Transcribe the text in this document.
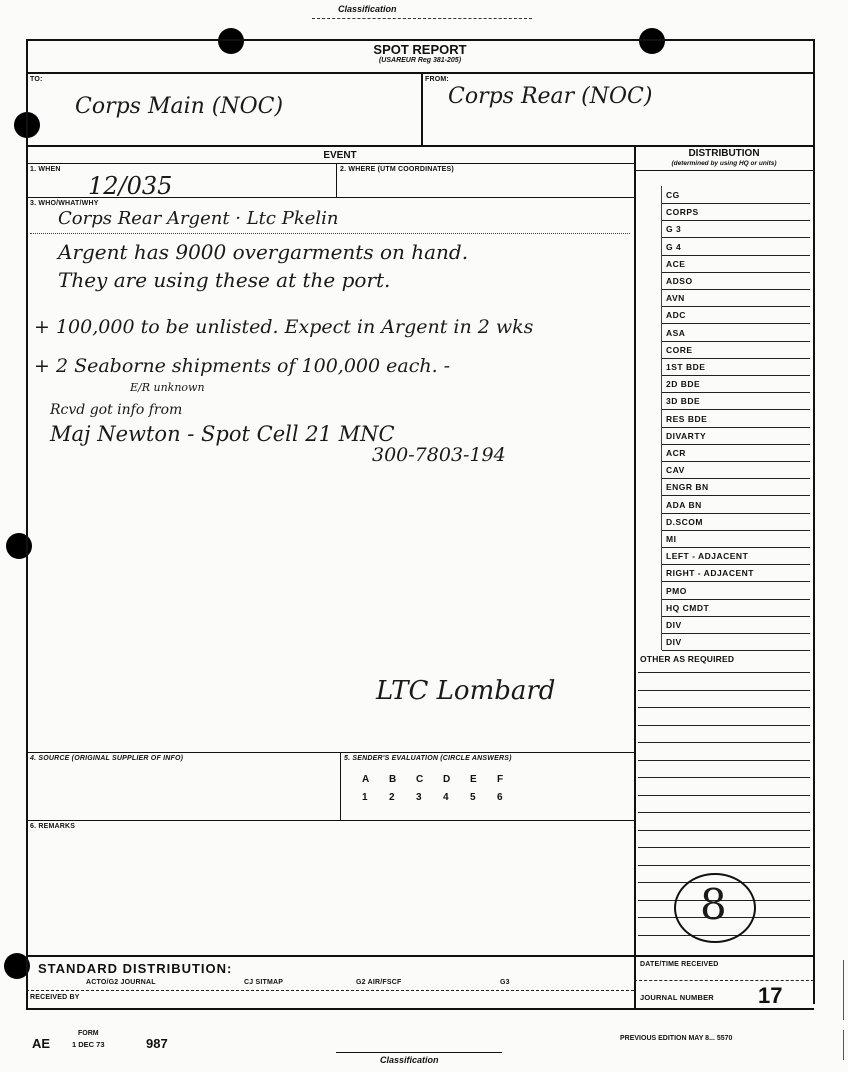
Classification
SPOT REPORT
(USAREUR Reg 381-205)
TO:
Corps Main (NOC)
FROM:
Corps Rear (NOC)
EVENT
1. WHEN
12/035
2. WHERE (UTM COORDINATES)
3. WHO/WHAT/WHY
Corps Rear Argent · Ltc Pkelin
Argent has 9000 overgarments on hand.
They are using these at the port.
+ 100,000 to be unlisted. Expect in Argent in 2 wks
+ 2 Seaborne shipments of 100,000 each. -
E/R unknown
Rcvd got info from
Maj Newton - Spot Cell 21 MNC
300-7803-194
LTC Lombard
4. SOURCE (ORIGINAL SUPPLIER OF INFO)	5. SENDER'S EVALUATION (CIRCLE ANSWERS)
A B C D E F
1 2 3 4 5 6
6. REMARKS
STANDARD DISTRIBUTION:
ACTO/G2 JOURNAL	CJ SITMAP	G2 AIR/FSCF	G3
RECEIVED BY
DISTRIBUTION
(determined by using HQ or units)
CG
CORPS
G 3
G 4
ACE
ADSO
AVN
ADC
ASA
CORE
1ST BDE
2D BDE
3D BDE
RES BDE
DIVARTY
ACR
CAV
ENGR BN
ADA BN
D.SCOM
MI
LEFT - ADJACENT
RIGHT - ADJACENT
PMO
HQ CMDT
DIV
DIV
OTHER AS REQUIRED
8
DATE/TIME RECEIVED
JOURNAL NUMBER 17
AE
FORM
1 DEC 73	987	PREVIOUS EDITION MAY 8... 5570
Classification
